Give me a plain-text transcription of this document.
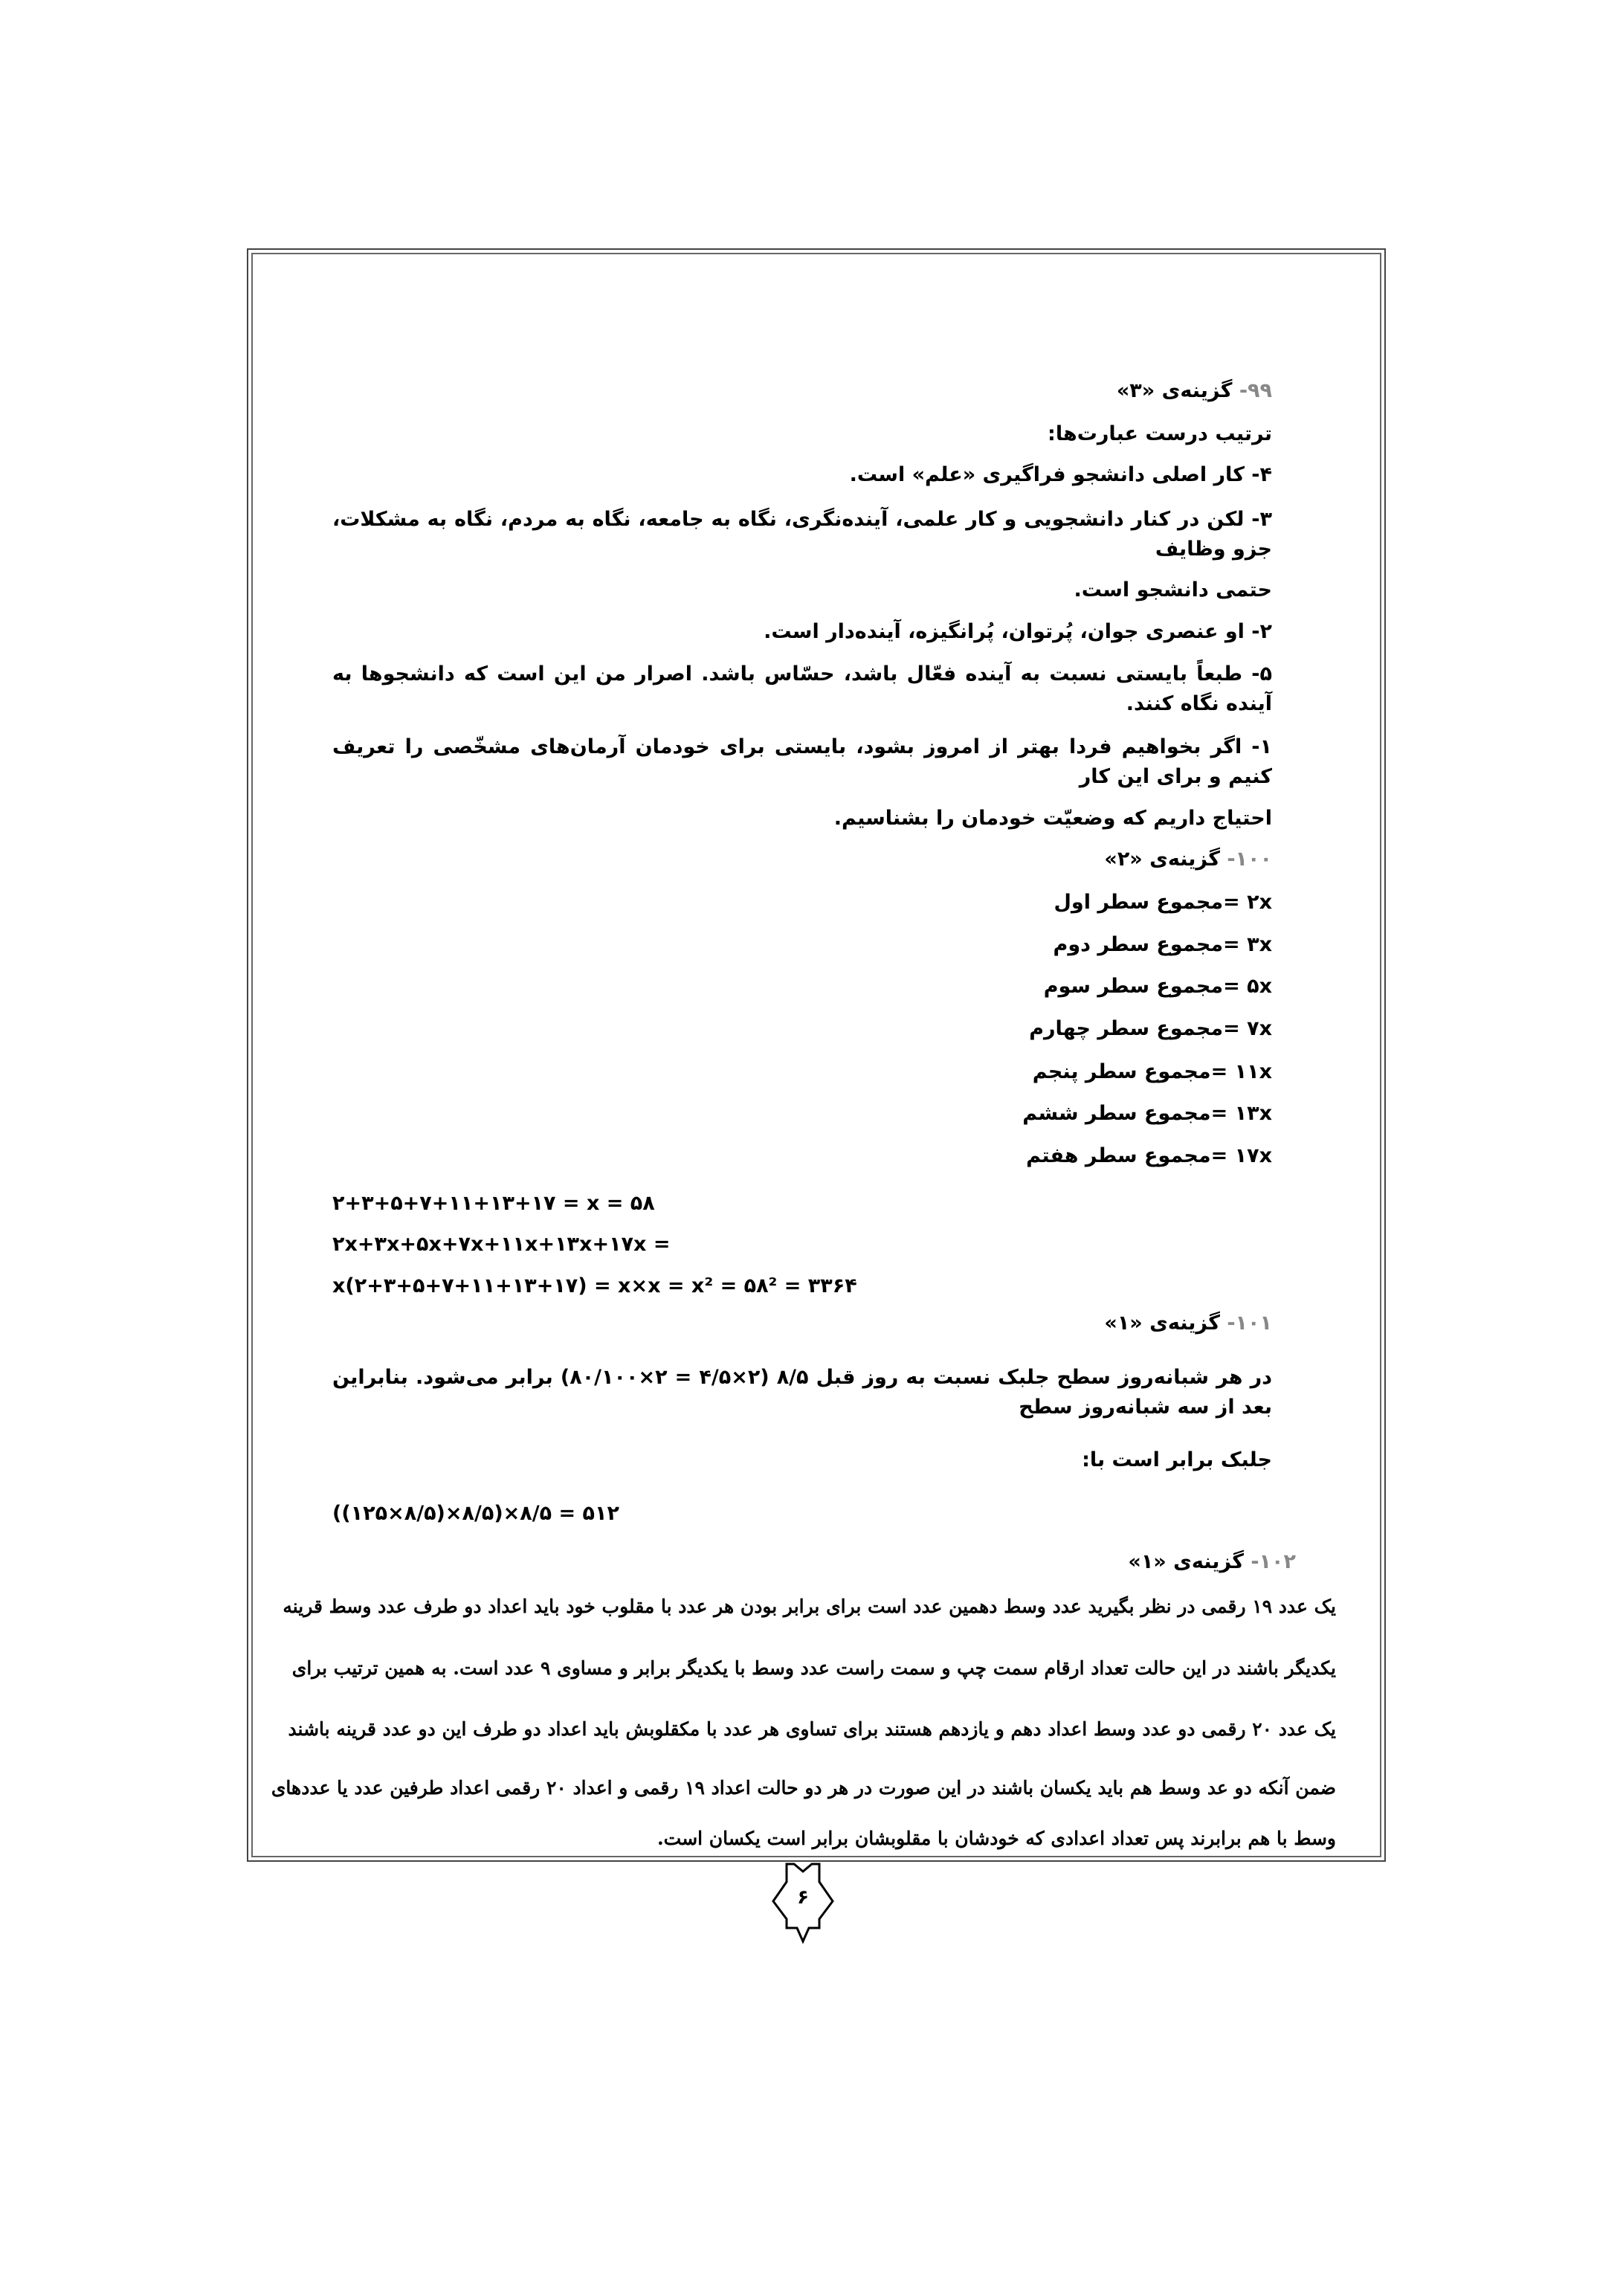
۹۹- گزینه‌ی «۳»
ترتیب درست عبارت‌ها:
۴- کار اصلی دانشجو فراگیری «علم» است.
۳- لکن در کنار دانشجویی و کار علمی، آینده‌نگری، نگاه به جامعه، نگاه به مردم، نگاه به مشکلات، جزو وظایف
حتمی دانشجو است.
۲- او عنصری جوان، پُرتوان، پُرانگیزه، آینده‌دار است.
۵- طبعاً بایستی نسبت به آینده فعّال باشد، حسّاس باشد. اصرار من این است که دانشجوها به آینده نگاه کنند.
۱- اگر بخواهیم فردا بهتر از امروز بشود، بایستی برای خودمان آرمان‌های مشخّصی را تعریف کنیم و برای این کار
احتیاج داریم که وضعیّت خودمان را بشناسیم.
۱۰۰- گزینه‌ی «۲»
۲x =مجموع سطر اول
۳x =مجموع سطر دوم
۵x =مجموع سطر سوم
۷x =مجموع سطر چهارم
۱۱x =مجموع سطر پنجم
۱۳x =مجموع سطر ششم
۱۷x =مجموع سطر هفتم
۲+۳+۵+۷+۱۱+۱۳+۱۷ = x = ۵۸
۲x+۳x+۵x+۷x+۱۱x+۱۳x+۱۷x =
x(۲+۳+۵+۷+۱۱+۱۳+۱۷) = x×x = x² = ۵۸² = ۳۳۶۴
۱۰۱- گزینه‌ی «۱»
در هر شبانه‌روز سطح جلبک نسبت به روز قبل ۸/۵ (۲×۴/۵ = ۲×۸۰/۱۰۰) برابر می‌شود. بنابراین بعد از سه شبانه‌روز سطح
جلبک برابر است با:
((۱۲۵×۸/۵)×۸/۵)×۸/۵ = ۵۱۲
۱۰۲- گزینه‌ی «۱»
یک عدد ۱۹ رقمی در نظر بگیرید عدد وسط دهمین عدد است برای برابر بودن هر عدد با مقلوب خود باید اعداد دو طرف عدد وسط قرینه
یکدیگر باشند در این حالت تعداد ارقام سمت چپ و سمت راست عدد وسط با یکدیگر برابر و مساوی ۹ عدد است. به همین ترتیب برای
یک عدد ۲۰ رقمی دو عدد وسط اعداد دهم و یازدهم هستند برای تساوی هر عدد با مکقلوبش باید اعداد دو طرف این دو عدد قرینه باشند
ضمن آنکه دو عد وسط هم باید یکسان باشند در این صورت در هر دو حالت اعداد ۱۹ رقمی و اعداد ۲۰ رقمی اعداد طرفین عدد یا عددهای
وسط با هم برابرند پس تعداد اعدادی که خودشان با مقلوبشان برابر است یکسان است.
۶
